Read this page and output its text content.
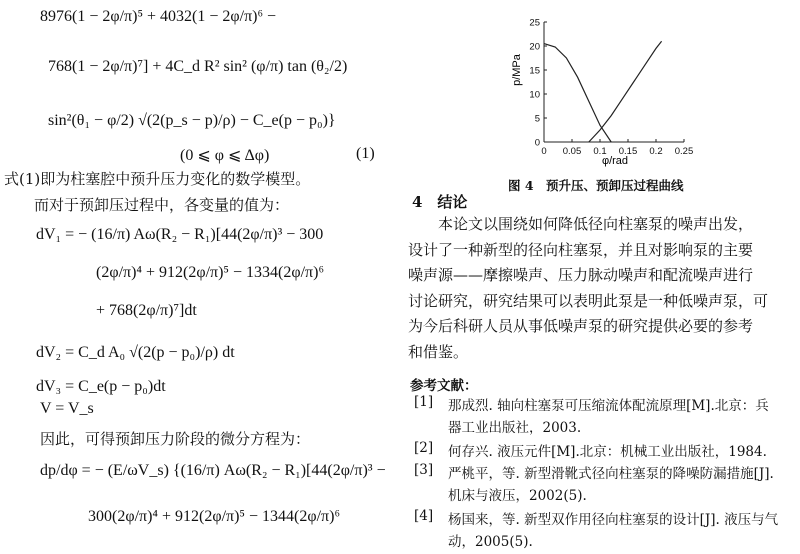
8976(1 − 2φ/π)⁵ + 4032(1 − 2φ/π)⁶ −
768(1 − 2φ/π)⁷] + 4C_d R² sin² (φ/π) tan (θ₂/2)
sin²(θ₁ − φ/2) √(2(p_s − p)/ρ) − C_e(p − p₀)}
(0 ⩽ φ ⩽ Δφ)	(1)
式(1)即为柱塞腔中预升压力变化的数学模型。
而对于预卸压过程中，各变量的值为：
dV₁ = − (16/π) Aω(R₂ − R₁)[44(2φ/π)³ − 300
(2φ/π)⁴ + 912(2φ/π)⁵ − 1334(2φ/π)⁶
+ 768(2φ/π)⁷]dt
dV₂ = C_d A₀ √(2(p − p₀)/ρ) dt
dV₃ = C_e(p − p₀)dt
V = V_s
因此，可得预卸压力阶段的微分方程为：
dp/dφ = − (E/ωV_s) {(16/π) Aω(R₂ − R₁)[44(2φ/π)³ −
300(2φ/π)⁴ + 912(2φ/π)⁵ − 1344(2φ/π)⁶
p/MPa
φ/rad
0 0.05 0.1 0.15 0.2 0.25
0
5
10
15
20
25
图 4　预升压、预卸压过程曲线
4　结论
　　本论文以围绕如何降低径向柱塞泵的噪声出发，
设计了一种新型的径向柱塞泵，并且对影响泵的主要
噪声源——摩擦噪声、压力脉动噪声和配流噪声进行
讨论研究，研究结果可以表明此泵是一种低噪声泵，可
为今后科研人员从事低噪声泵的研究提供必要的参考
和借鉴。
参考文献：
[1] 那成烈. 轴向柱塞泵可压缩流体配流原理[M].北京：兵
器工业出版社，2003.
[2] 何存兴. 液压元件[M].北京：机械工业出版社，1984.
[3] 严桃平，等. 新型滑靴式径向柱塞泵的降噪防漏措施[J].
机床与液压，2002(5).
[4] 杨国来，等. 新型双作用径向柱塞泵的设计[J]. 液压与气
动，2005(5).
